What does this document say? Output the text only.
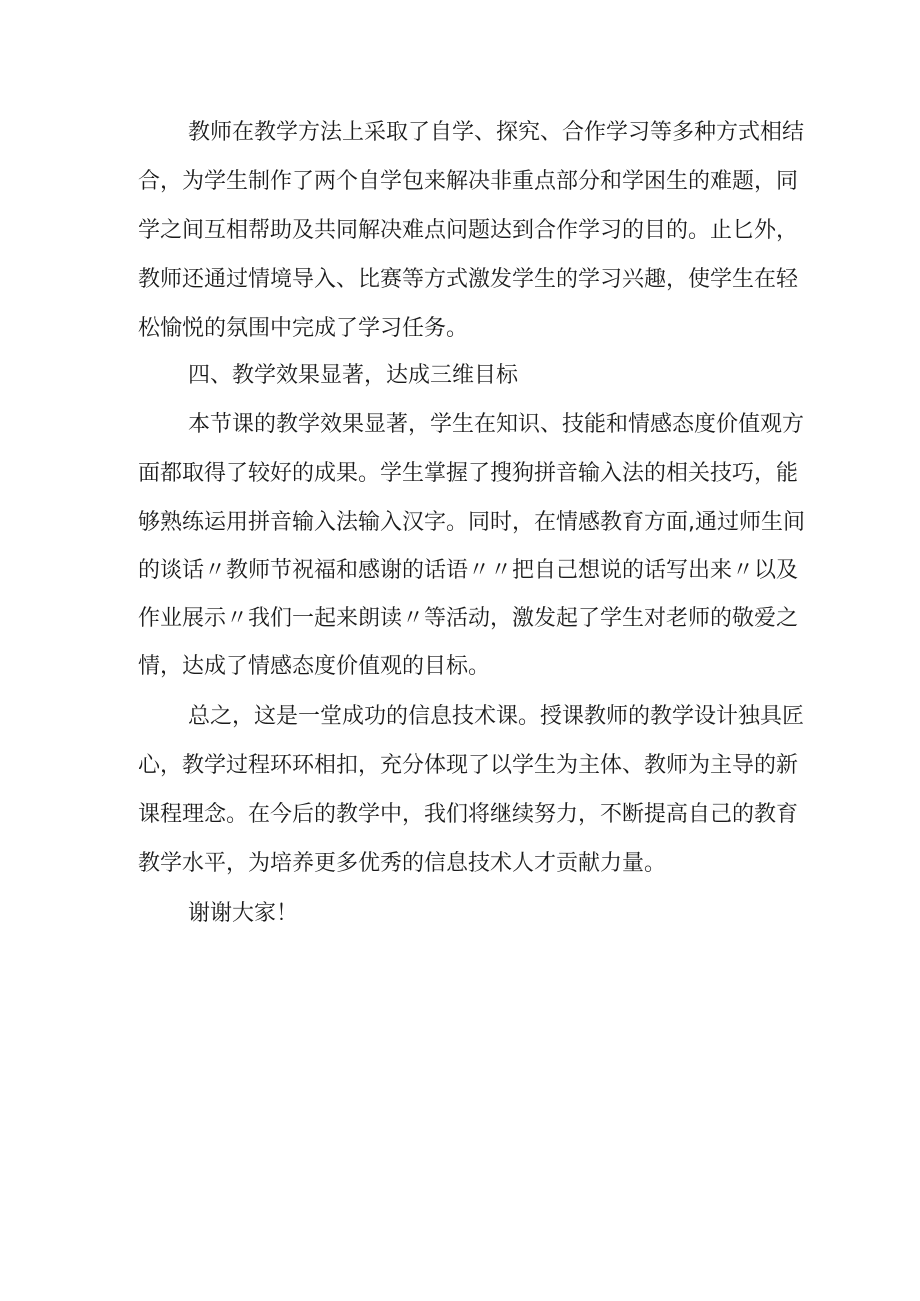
教师在教学方法上采取了自学、探究、合作学习等多种方式相结
合，为学生制作了两个自学包来解决非重点部分和学困生的难题，同
学之间互相帮助及共同解决难点问题达到合作学习的目的。止匕外，
教师还通过情境导入、比赛等方式激发学生的学习兴趣，使学生在轻
松愉悦的氛围中完成了学习任务。
四、教学效果显著，达成三维目标
本节课的教学效果显著，学生在知识、技能和情感态度价值观方
面都取得了较好的成果。学生掌握了搜狗拼音输入法的相关技巧，能
够熟练运用拼音输入法输入汉字。同时，在情感教育方面,通过师生间
的谈话〃教师节祝福和感谢的话语〃〃把自己想说的话写出来〃以及
作业展示〃我们一起来朗读〃等活动，激发起了学生对老师的敬爱之
情，达成了情感态度价值观的目标。
总之，这是一堂成功的信息技术课。授课教师的教学设计独具匠
心，教学过程环环相扣，充分体现了以学生为主体、教师为主导的新
课程理念。在今后的教学中，我们将继续努力，不断提高自己的教育
教学水平，为培养更多优秀的信息技术人才贡献力量。
谢谢大家！
